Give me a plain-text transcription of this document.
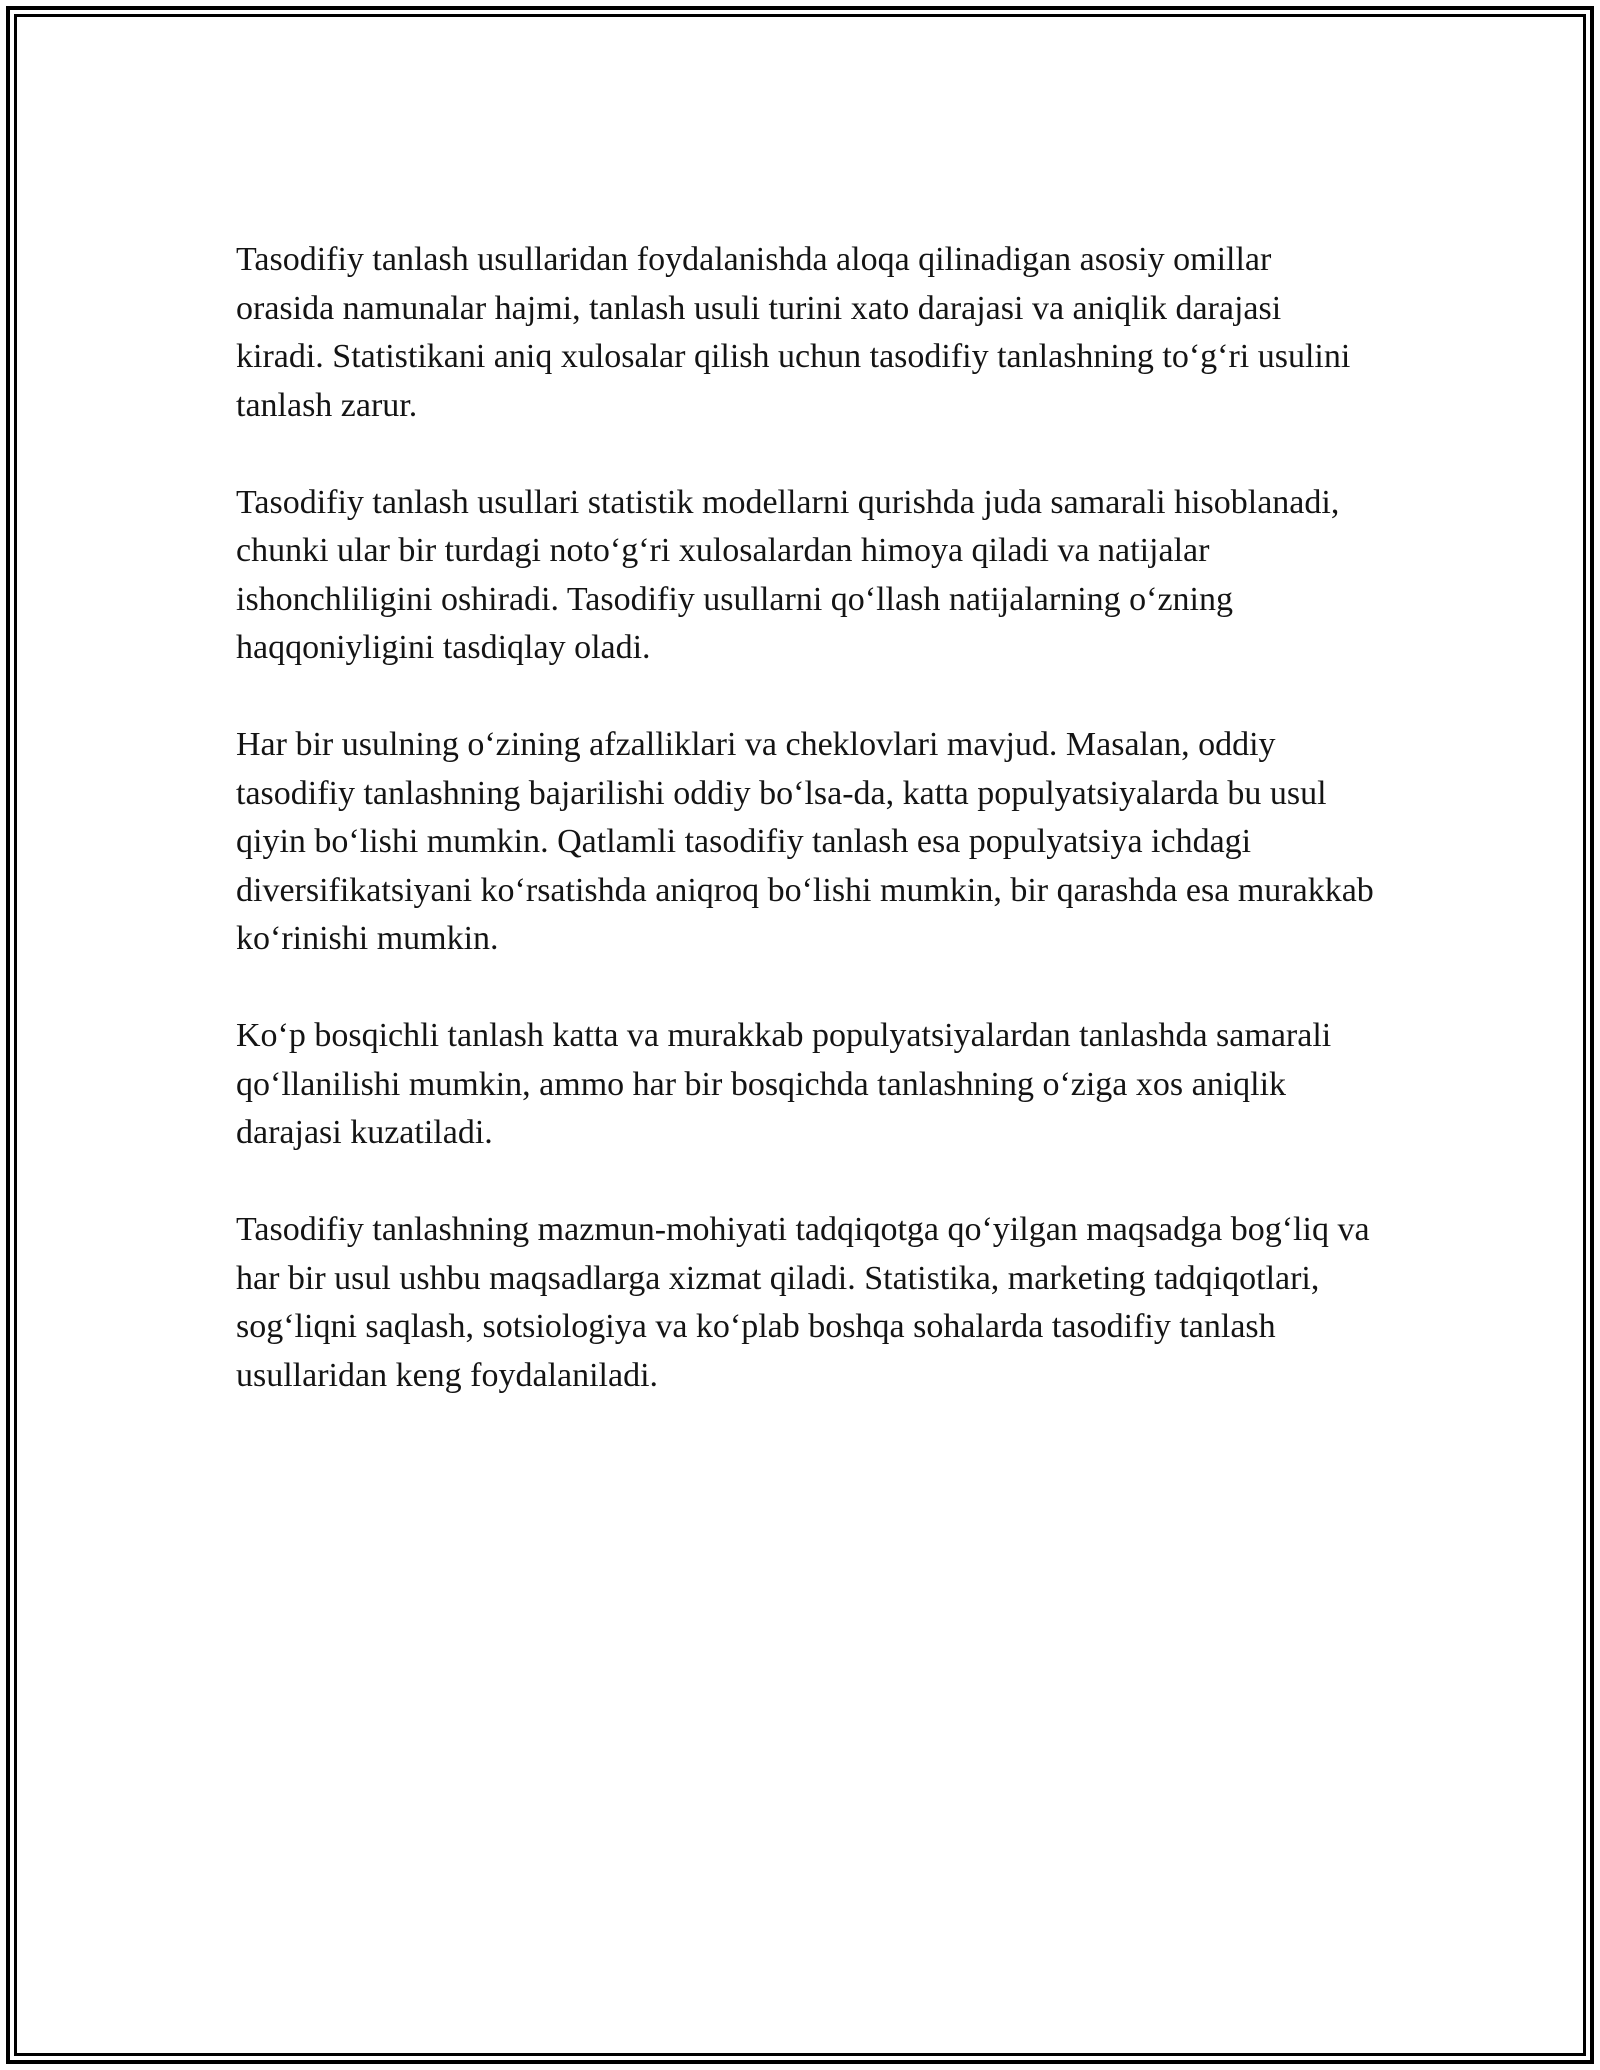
Tasodifiy tanlash usullaridan foydalanishda aloqa qilinadigan asosiy omillar orasida namunalar hajmi, tanlash usuli turini xato darajasi va aniqlik darajasi kiradi. Statistikani aniq xulosalar qilish uchun tasodifiy tanlashning to‘g‘ri usulini tanlash zarur.

Tasodifiy tanlash usullari statistik modellarni qurishda juda samarali hisoblanadi, chunki ular bir turdagi noto‘g‘ri xulosalardan himoya qiladi va natijalar ishonchliligini oshiradi. Tasodifiy usullarni qo‘llash natijalarning o‘zning haqqoniyligini tasdiqlay oladi.

Har bir usulning o‘zining afzalliklari va cheklovlari mavjud. Masalan, oddiy tasodifiy tanlashning bajarilishi oddiy bo‘lsa-da, katta populyatsiyalarda bu usul qiyin bo‘lishi mumkin. Qatlamli tasodifiy tanlash esa populyatsiya ichdagi diversifikatsiyani ko‘rsatishda aniqroq bo‘lishi mumkin, bir qarashda esa murakkab ko‘rinishi mumkin.

Ko‘p bosqichli tanlash katta va murakkab populyatsiyalardan tanlashda samarali qo‘llanilishi mumkin, ammo har bir bosqichda tanlashning o‘ziga xos aniqlik darajasi kuzatiladi.

Tasodifiy tanlashning mazmun-mohiyati tadqiqotga qo‘yilgan maqsadga bog‘liq va har bir usul ushbu maqsadlarga xizmat qiladi. Statistika, marketing tadqiqotlari, sog‘liqni saqlash, sotsiologiya va ko‘plab boshqa sohalarda tasodifiy tanlash usullaridan keng foydalaniladi.
